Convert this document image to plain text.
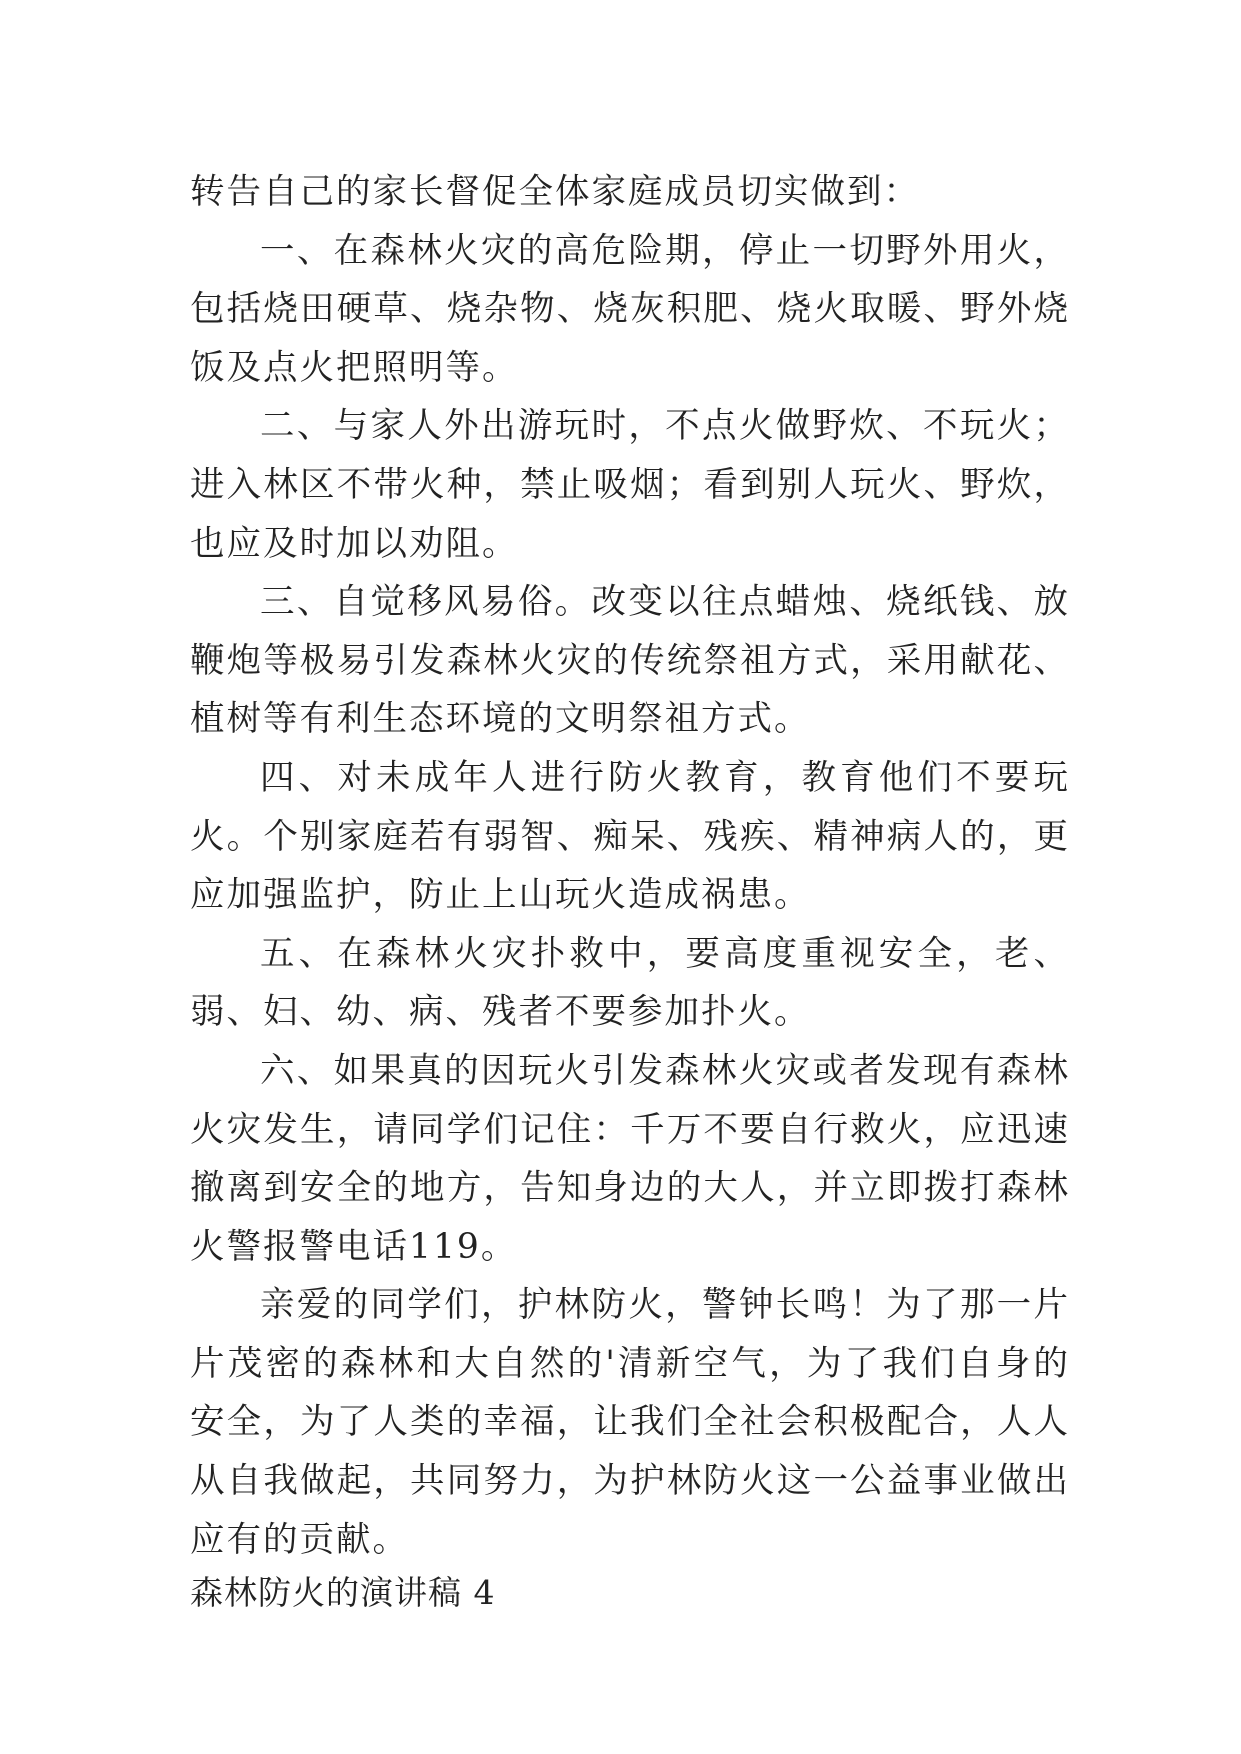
转告自己的家长督促全体家庭成员切实做到：

一、在森林火灾的高危险期，停止一切野外用火，包括烧田硬草、烧杂物、烧灰积肥、烧火取暖、野外烧饭及点火把照明等。

二、与家人外出游玩时，不点火做野炊、不玩火；进入林区不带火种，禁止吸烟；看到别人玩火、野炊，也应及时加以劝阻。

三、自觉移风易俗。改变以往点蜡烛、烧纸钱、放鞭炮等极易引发森林火灾的传统祭祖方式，采用献花、植树等有利生态环境的文明祭祖方式。

四、对未成年人进行防火教育，教育他们不要玩火。个别家庭若有弱智、痴呆、残疾、精神病人的，更应加强监护，防止上山玩火造成祸患。

五、在森林火灾扑救中，要高度重视安全，老、弱、妇、幼、病、残者不要参加扑火。

六、如果真的因玩火引发森林火灾或者发现有森林火灾发生，请同学们记住：千万不要自行救火，应迅速撤离到安全的地方，告知身边的大人，并立即拨打森林火警报警电话119。

亲爱的同学们，护林防火，警钟长鸣！为了那一片片茂密的森林和大自然的'清新空气，为了我们自身的安全，为了人类的幸福，让我们全社会积极配合，人人从自我做起，共同努力，为护林防火这一公益事业做出应有的贡献。

森林防火的演讲稿 4
